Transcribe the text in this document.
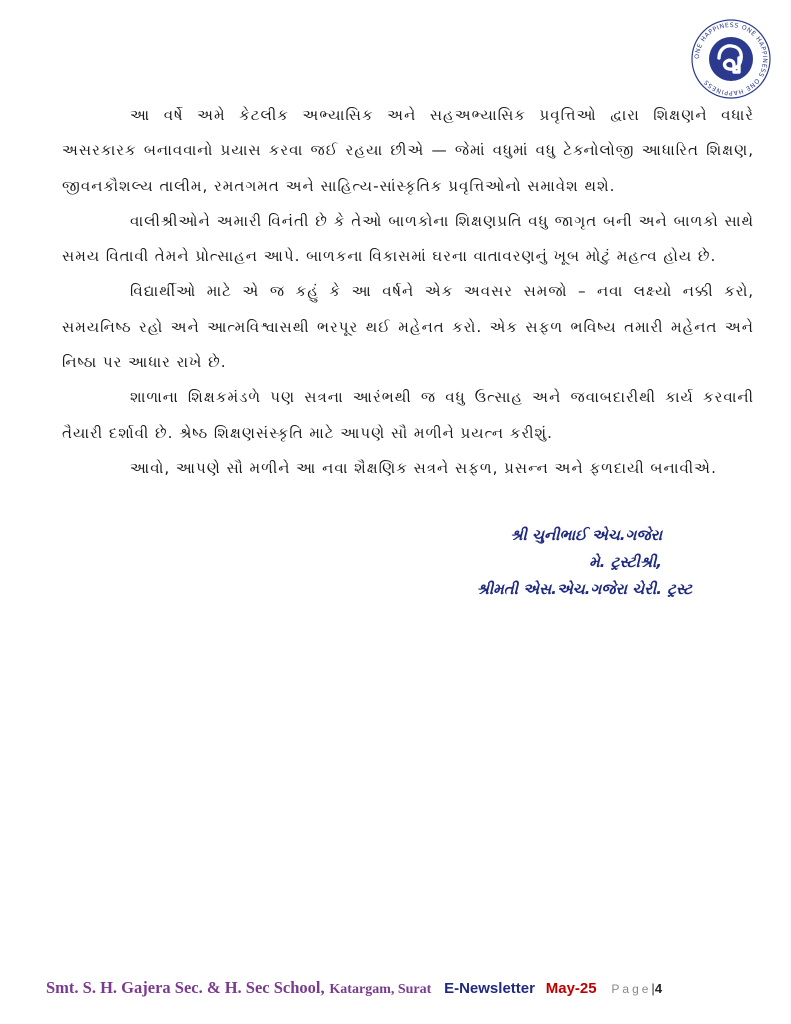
ONE HAPPINESS ONE HAPPINESS ONE HAPPINESS

આ વર્ષે અમે કેટલીક અભ્યાસિક અને સહઅભ્યાસિક પ્રવૃત્તિઓ દ્વારા શિક્ષણને વધારે અસરકારક બનાવવાનો પ્રયાસ કરવા જઈ રહયા છીએ — જેમાં વધુમાં વધુ ટેક્નોલોજી આધારિત શિક્ષણ, જીવનકૌશલ્ય તાલીમ, રમતગમત અને સાહિત્ય-સાંસ્કૃતિક પ્રવૃત્તિઓનો સમાવેશ થશે.

વાલીશ્રીઓને અમારી વિનંતી છે કે તેઓ બાળકોના શિક્ષણપ્રતિ વધુ જાગૃત બની અને બાળકો સાથે સમય વિતાવી તેમને પ્રોત્સાહન આપે. બાળકના વિકાસમાં ઘરના વાતાવરણનું ખૂબ મોટું મહત્વ હોય છે.

વિદ્યાર્થીઓ માટે એ જ કહું કે આ વર્ષને એક અવસર સમજો – નવા લક્ષ્યો નક્કી કરો, સમયનિષ્ઠ રહો અને આત્મવિશ્વાસથી ભરપૂર થઈ મહેનત કરો. એક સફળ ભવિષ્ય તમારી મહેનત અને નિષ્ઠા પર આધાર રાખે છે.

શાળાના શિક્ષકમંડળે પણ સત્રના આરંભથી જ વધુ ઉત્સાહ અને જવાબદારીથી કાર્ય કરવાની તૈયારી દર્શાવી છે. શ્રેષ્ઠ શિક્ષણસંસ્કૃતિ માટે આપણે સૌ મળીને પ્રયત્ન કરીશું.

આવો, આપણે સૌ મળીને આ નવા શૈક્ષણિક સત્રને સફળ, પ્રસન્ન અને ફળદાયી બનાવીએ.

શ્રી ચુનીભાઈ એચ.ગજેરા
મે. ટ્રસ્ટીશ્રી,
શ્રીમતી એસ.એચ.ગજેરા ચેરી. ટ્રસ્ટ
Smt. S. H. Gajera Sec. & H. Sec School, Katargam, Surat E-Newsletter May-25 Page|4
